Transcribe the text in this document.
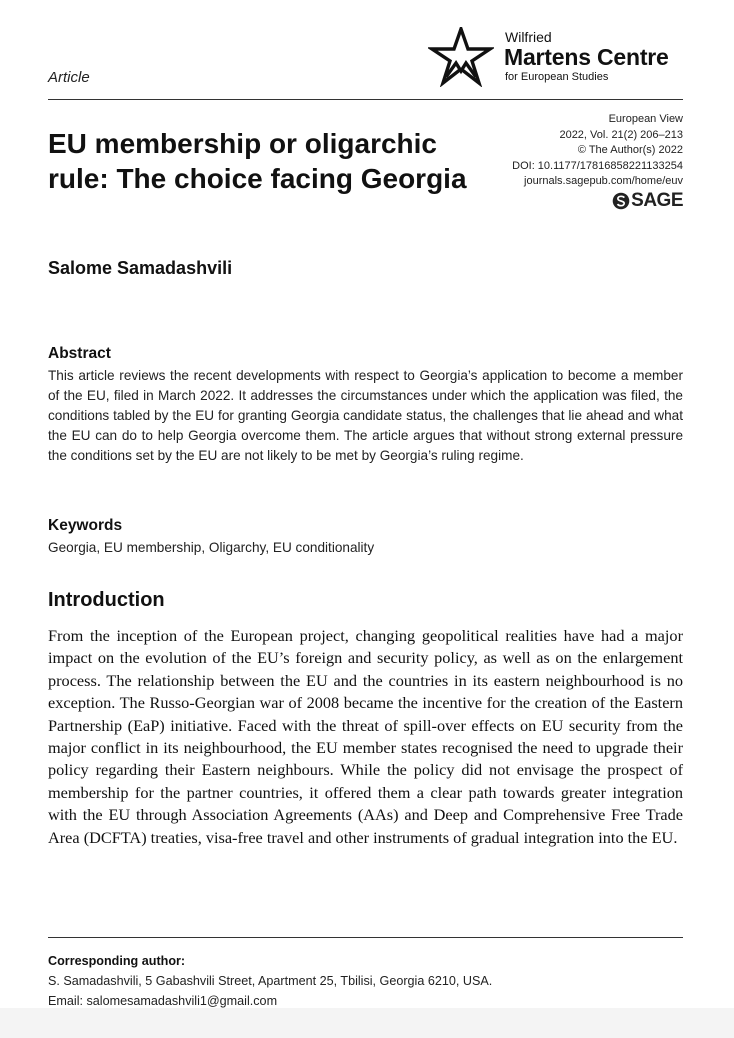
Article
Wilfried
Martens Centre
for European Studies
EU membership or oligarchic
rule: The choice facing Georgia
European View
2022, Vol. 21(2) 206–213
© The Author(s) 2022
DOI: 10.1177/17816858221133254
journals.sagepub.com/home/euv
SAGE
Salome Samadashvili
Abstract

This article reviews the recent developments with respect to Georgia’s application to become a member of the EU, filed in March 2022. It addresses the circumstances under which the application was filed, the conditions tabled by the EU for granting Georgia candidate status, the challenges that lie ahead and what the EU can do to help Georgia overcome them. The article argues that without strong external pressure the conditions set by the EU are not likely to be met by Georgia’s ruling regime.

Keywords
Georgia, EU membership, Oligarchy, EU conditionality
Introduction

From the inception of the European project, changing geopolitical realities have had a major impact on the evolution of the EU’s foreign and security policy, as well as on the enlargement process. The relationship between the EU and the countries in its eastern neighbourhood is no exception. The Russo-Georgian war of 2008 became the incentive for the creation of the Eastern Partnership (EaP) initiative. Faced with the threat of spill-over effects on EU security from the major conflict in its neighbourhood, the EU member states recognised the need to upgrade their policy regarding their Eastern neighbours. While the policy did not envisage the prospect of membership for the partner countries, it offered them a clear path towards greater integration with the EU through Association Agreements (AAs) and Deep and Comprehensive Free Trade Area (DCFTA) treaties, visa-free travel and other instruments of gradual integration into the EU.

Corresponding author:
S. Samadashvili, 5 Gabashvili Street, Apartment 25, Tbilisi, Georgia 6210, USA.
Email: salomesamadashvili1@gmail.com
